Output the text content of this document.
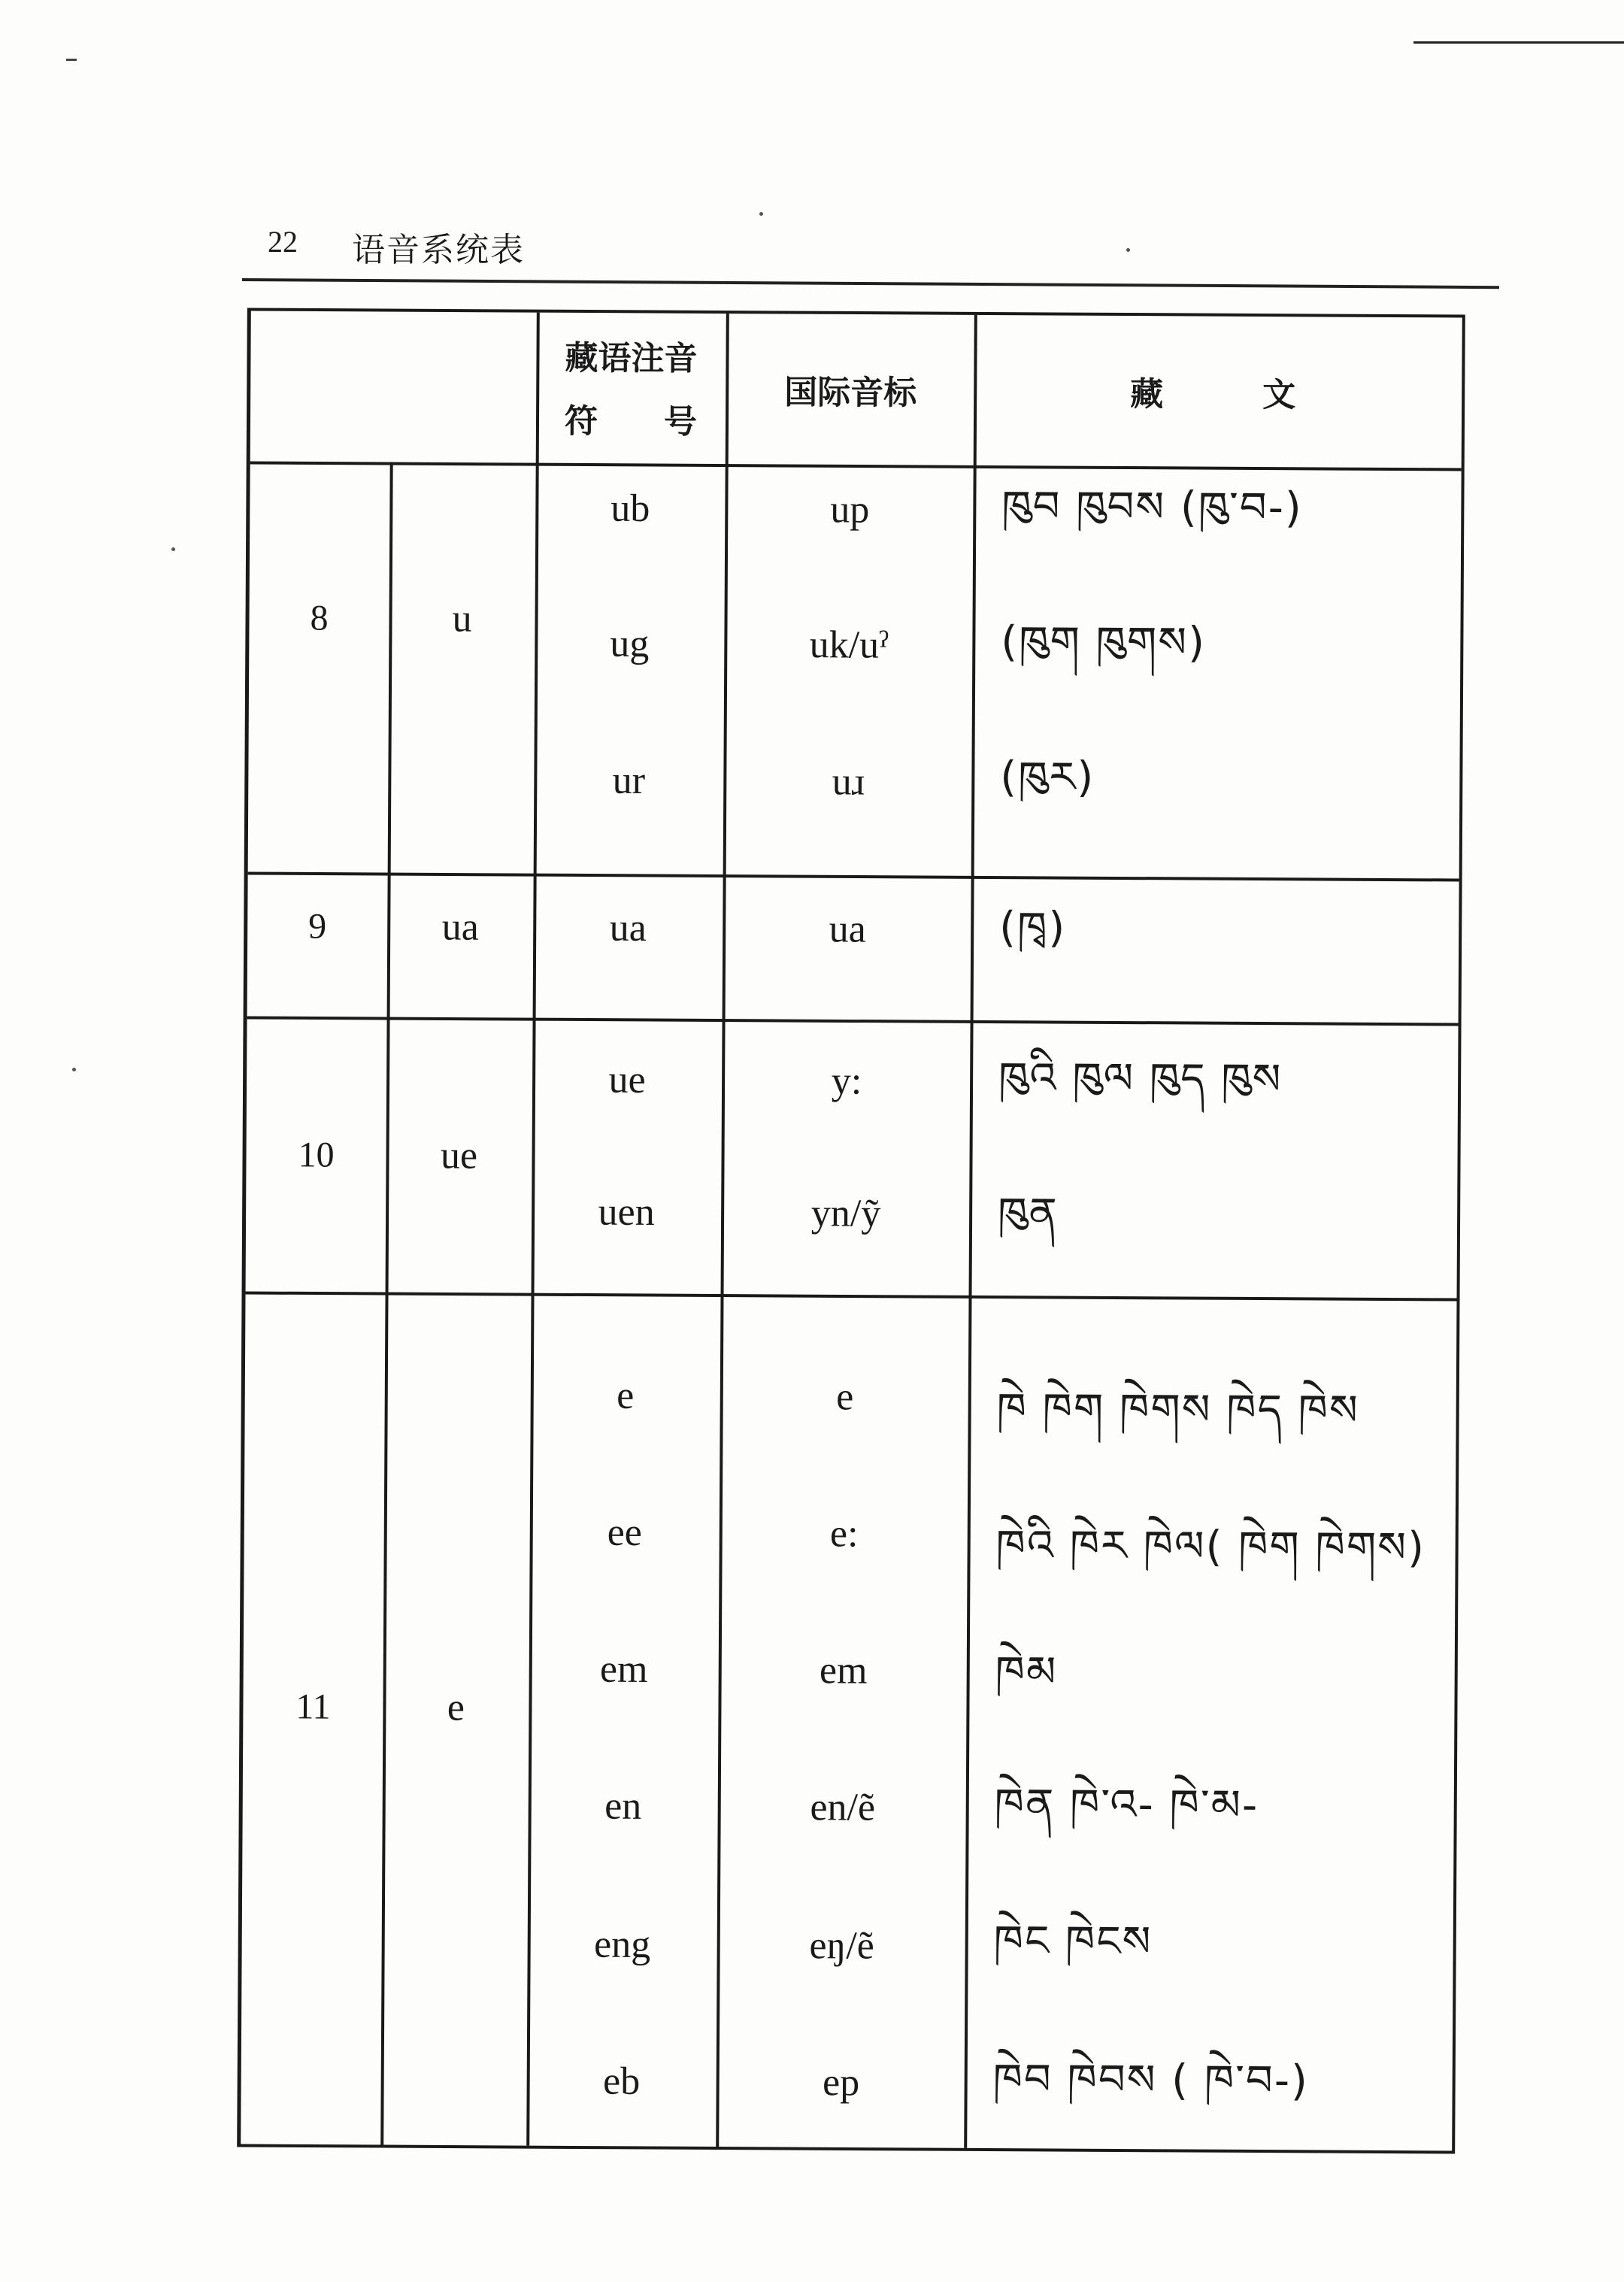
22 语音系统表
藏语注音
符　　号
国际音标	藏　　　文
8	u
ub	up	ཁུབ ཁུབས (ཁུ་བ-)
ug	uk/uˀ	(ཁུག ཁུགས)
ur	uɹ	(ཁུར)
9	ua	ua	ua	(ཁྭ)
10	ue
ue	y:	ཁུའི ཁུལ ཁུད ཁུས
uen	yn/ỹ	ཁུན
11	e
e	e	ཁེ ཁེག ཁེགས ཁེད ཁེས
ee	e:	ཁེའི ཁེར ཁེལ( ཁེག ཁེགས)
em	em	ཁེམ
en	en/ẽ	ཁེན ཁེ་འ- ཁེ་མ-
eng	eŋ/ẽ	ཁེང ཁེངས
eb	ep	ཁེབ ཁེབས ( ཁེ་བ-)
